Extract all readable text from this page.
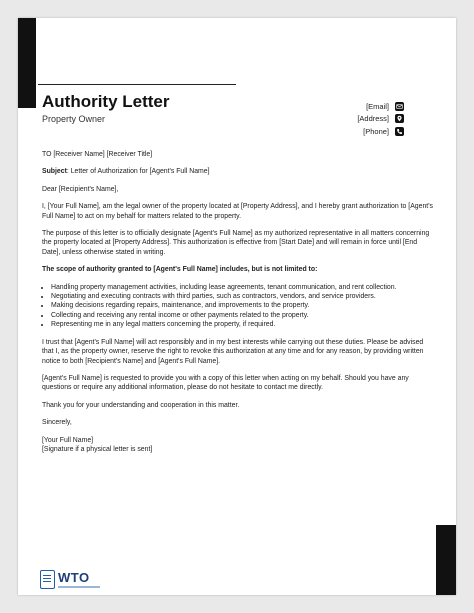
Authority Letter
Property Owner
[Email]
[Address]
[Phone]

TO [Receiver Name] [Receiver Title]

Subject: Letter of Authorization for [Agent's Full Name]

Dear [Recipient's Name],

I, [Your Full Name], am the legal owner of the property located at [Property Address], and I hereby grant authorization to [Agent's Full Name] to act on my behalf for matters related to the property.

The purpose of this letter is to officially designate [Agent's Full Name] as my authorized representative in all matters concerning the property located at [Property Address]. This authorization is effective from [Start Date] and will remain in force until [End Date], unless otherwise stated in writing.

The scope of authority granted to [Agent's Full Name] includes, but is not limited to:

• Handling property management activities, including lease agreements, tenant communication, and rent collection.
• Negotiating and executing contracts with third parties, such as contractors, vendors, and service providers.
• Making decisions regarding repairs, maintenance, and improvements to the property.
• Collecting and receiving any rental income or other payments related to the property.
• Representing me in any legal matters concerning the property, if required.

I trust that [Agent's Full Name] will act responsibly and in my best interests while carrying out these duties. Please be advised that I, as the property owner, reserve the right to revoke this authorization at any time and for any reason, by providing written notice to both [Recipient's Name] and [Agent's Full Name].

[Agent's Full Name] is requested to provide you with a copy of this letter when acting on my behalf. Should you have any questions or require any additional information, please do not hesitate to contact me directly.

Thank you for your understanding and cooperation in this matter.

Sincerely,

[Your Full Name]

[Signature if a physical letter is sent]

WTO
